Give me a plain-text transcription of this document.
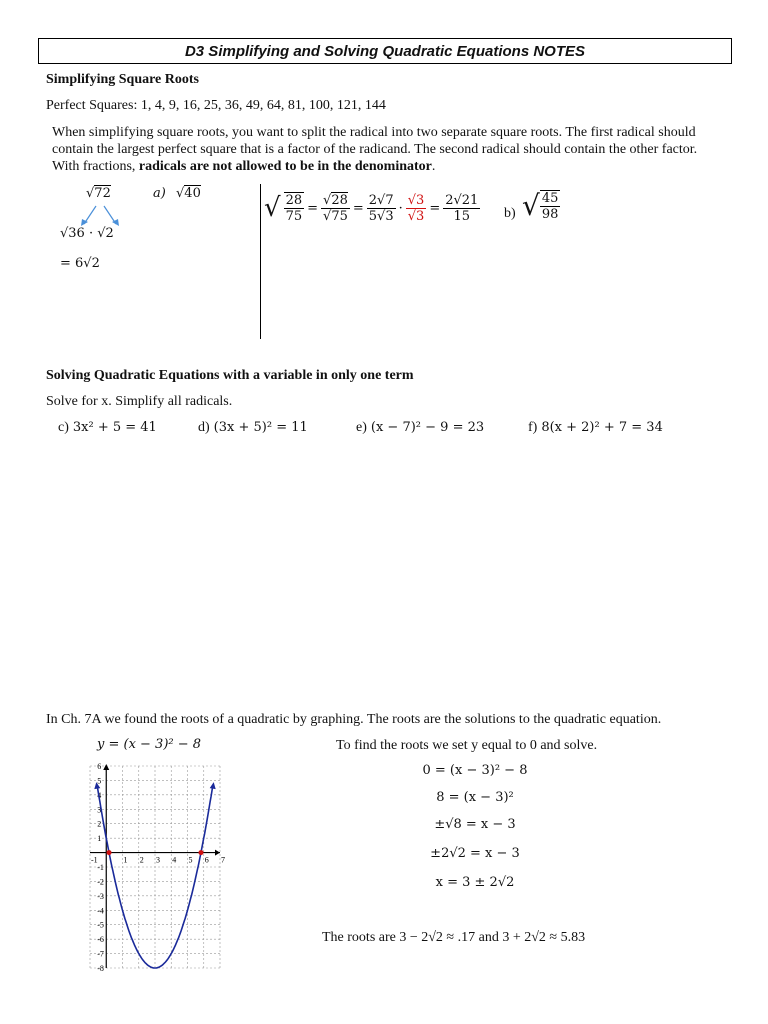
D3 Simplifying and Solving Quadratic Equations NOTES
Simplifying Square Roots
Perfect Squares: 1, 4, 9, 16, 25, 36, 49, 64, 81, 100, 121, 144
When simplifying square roots, you want to split the radical into two separate square roots. The first radical should contain the largest perfect square that is a factor of the radicand. The second radical should contain the other factor. With fractions, radicals are not allowed to be in the denominator.
√72
√36 · √2
= 6√2
a) √40 √ $\frac{28}{75} = \frac{√28}{√75} = \frac{2√7}{5√3} \cdot \frac{√3}{√3} = \frac{2√21}{15} b$) √ $\frac{45}{98}$
Solving Quadratic Equations with a variable in only one term
Solve for x. Simplify all radicals.
c) 3x² + 5 = 41	d) (3x + 5)² = 11	e) (x − 7)² − 9 = 23	f) 8(x + 2)² + 7 = 34
In Ch. 7A we found the roots of a quadratic by graphing. The roots are the solutions to the quadratic equation.
y = (x − 3)² − 8	To find the roots we set y equal to 0 and solve.
0 = (x − 3)² − 8
8 = (x − 3)²
±√8 = x − 3
±2√2 = x − 3
x = 3 ± 2√2
The roots are 3 − 2√2 ≈ .17 and 3 + 2√2 ≈ 5.83
-1	1 2 3 4 5 6 7
6
5
4
3
2
1
-1
-2
-3
-4
-5
-6
-7
-8
